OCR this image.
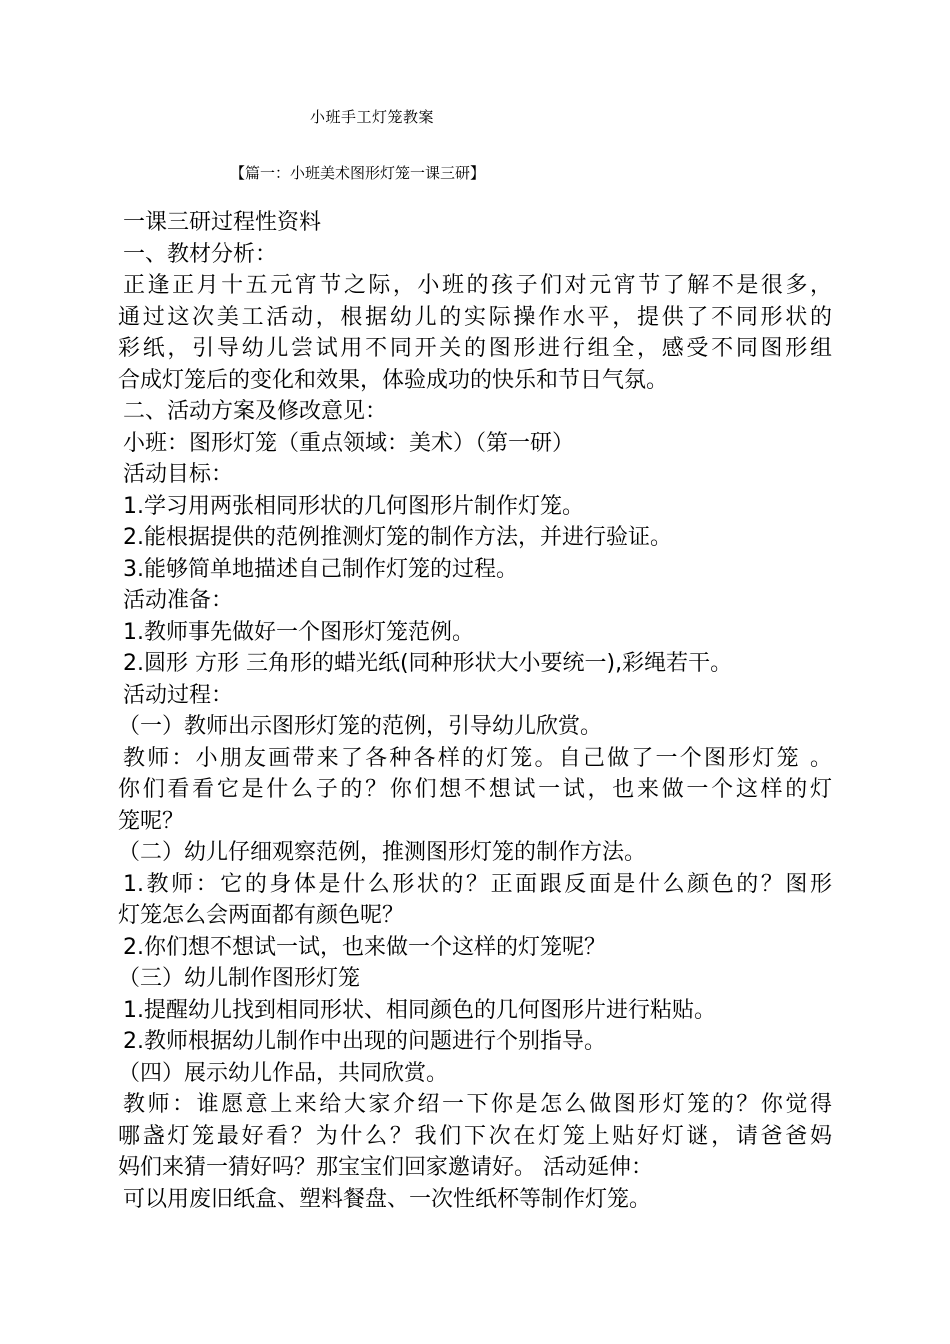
小班手工灯笼教案
【篇一：小班美术图形灯笼一课三研】
一课三研过程性资料
一、教材分析：
正逢正月十五元宵节之际，小班的孩子们对元宵节了解不是很多，
通过这次美工活动，根据幼儿的实际操作水平，提供了不同形状的
彩纸，引导幼儿尝试用不同开关的图形进行组全，感受不同图形组
合成灯笼后的变化和效果，体验成功的快乐和节日气氛。
二、活动方案及修改意见：
小班：图形灯笼（重点领域：美术）（第一研）
活动目标：
1.学习用两张相同形状的几何图形片制作灯笼。
2.能根据提供的范例推测灯笼的制作方法，并进行验证。
3.能够简单地描述自己制作灯笼的过程。
活动准备：
1.教师事先做好一个图形灯笼范例。
2.圆形 方形 三角形的蜡光纸(同种形状大小要统一),彩绳若干。
活动过程：
（一）教师出示图形灯笼的范例，引导幼儿欣赏。
教师：小朋友画带来了各种各样的灯笼。自己做了一个图形灯笼 。
你们看看它是什么子的？你们想不想试一试，也来做一个这样的灯
笼呢？
（二）幼儿仔细观察范例，推测图形灯笼的制作方法。
1.教师：它的身体是什么形状的？正面跟反面是什么颜色的？图形
灯笼怎么会两面都有颜色呢？
2.你们想不想试一试，也来做一个这样的灯笼呢？
（三）幼儿制作图形灯笼
1.提醒幼儿找到相同形状、相同颜色的几何图形片进行粘贴。
2.教师根据幼儿制作中出现的问题进行个别指导。
（四）展示幼儿作品，共同欣赏。
教师：谁愿意上来给大家介绍一下你是怎么做图形灯笼的？你觉得
哪盏灯笼最好看？为什么？我们下次在灯笼上贴好灯谜，请爸爸妈
妈们来猜一猜好吗？那宝宝们回家邀请好。 活动延伸：
可以用废旧纸盒、塑料餐盘、一次性纸杯等制作灯笼。
